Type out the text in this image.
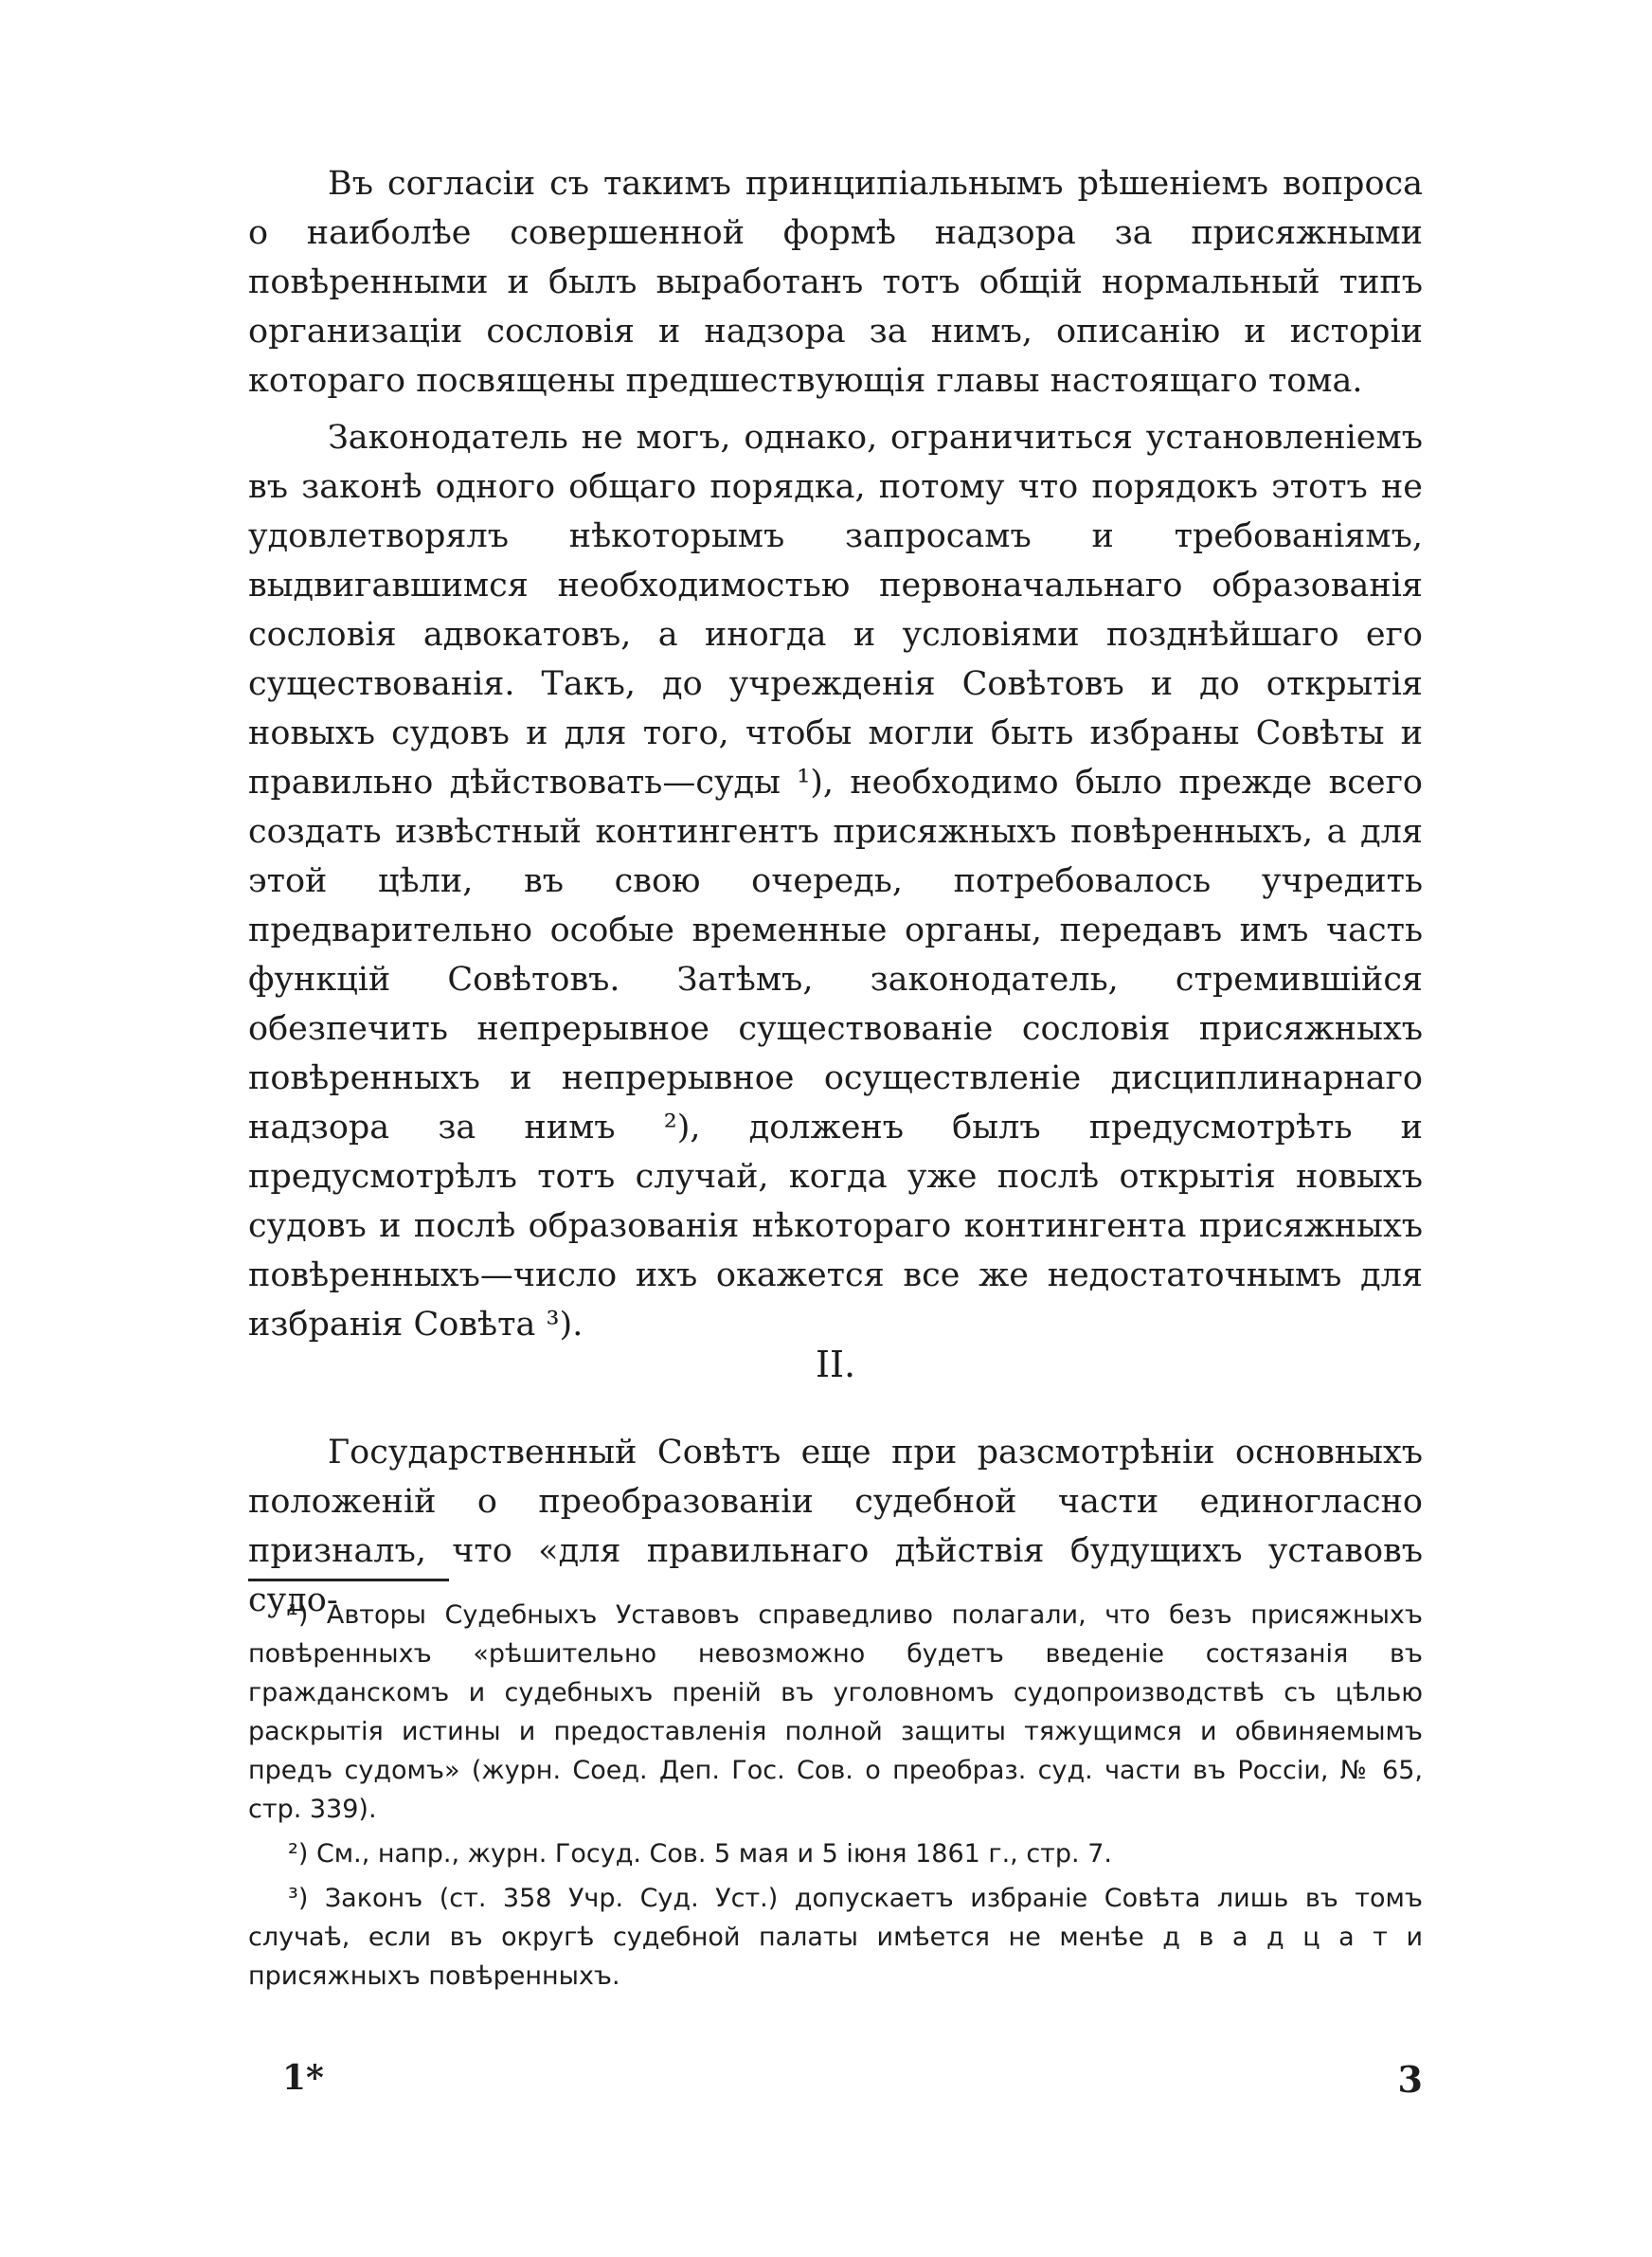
Въ согласіи съ такимъ принципіальнымъ рѣшеніемъ вопроса о наиболѣе совершенной формѣ надзора за присяжными повѣренными и былъ выработанъ тотъ общій нормальный типъ организаціи сословія и надзора за нимъ, описанію и исторіи котораго посвящены предшествующія главы настоящаго тома.

Законодатель не могъ, однако, ограничиться установленіемъ въ законѣ одного общаго порядка, потому что порядокъ этотъ не удовлетворялъ нѣкоторымъ запросамъ и требованіямъ, выдвигавшимся необходимостью первоначальнаго образованія сословія адвокатовъ, а иногда и условіями позднѣйшаго его существованія. Такъ, до учрежденія Совѣтовъ и до открытія новыхъ судовъ и для того, чтобы могли быть избраны Совѣты и правильно дѣйствовать—суды ¹), необходимо было прежде всего создать извѣстный контингентъ присяжныхъ повѣренныхъ, а для этой цѣли, въ свою очередь, потребовалось учредить предварительно особые временные органы, передавъ имъ часть функцій Совѣтовъ. Затѣмъ, законодатель, стремившійся обезпечить непрерывное существованіе сословія присяжныхъ повѣренныхъ и непрерывное осуществленіе дисциплинарнаго надзора за нимъ ²), долженъ былъ предусмотрѣть и предусмотрѣлъ тотъ случай, когда уже послѣ открытія новыхъ судовъ и послѣ образованія нѣкотораго контингента присяжныхъ повѣренныхъ—число ихъ окажется все же недостаточнымъ для избранія Совѣта ³).

II.

Государственный Совѣтъ еще при разсмотрѣніи основныхъ положеній о преобразованіи судебной части единогласно призналъ, что «для правильнаго дѣйствія будущихъ уставовъ судо-

¹) Авторы Судебныхъ Уставовъ справедливо полагали, что безъ присяжныхъ повѣренныхъ «рѣшительно невозможно будетъ введеніе состязанія въ гражданскомъ и судебныхъ преній въ уголовномъ судопроизводствѣ съ цѣлью раскрытія истины и предоставленія полной защиты тяжущимся и обвиняемымъ предъ судомъ» (журн. Соед. Деп. Гос. Сов. о преобраз. суд. части въ Россіи, № 65, стр. 339).

²) См., напр., журн. Госуд. Сов. 5 мая и 5 іюня 1861 г., стр. 7.

³) Законъ (ст. 358 Учр. Суд. Уст.) допускаетъ избраніе Совѣта лишь въ томъ случаѣ, если въ округѣ судебной палаты имѣется не менѣе д в а д ц а т и присяжныхъ повѣренныхъ.

1*	3
